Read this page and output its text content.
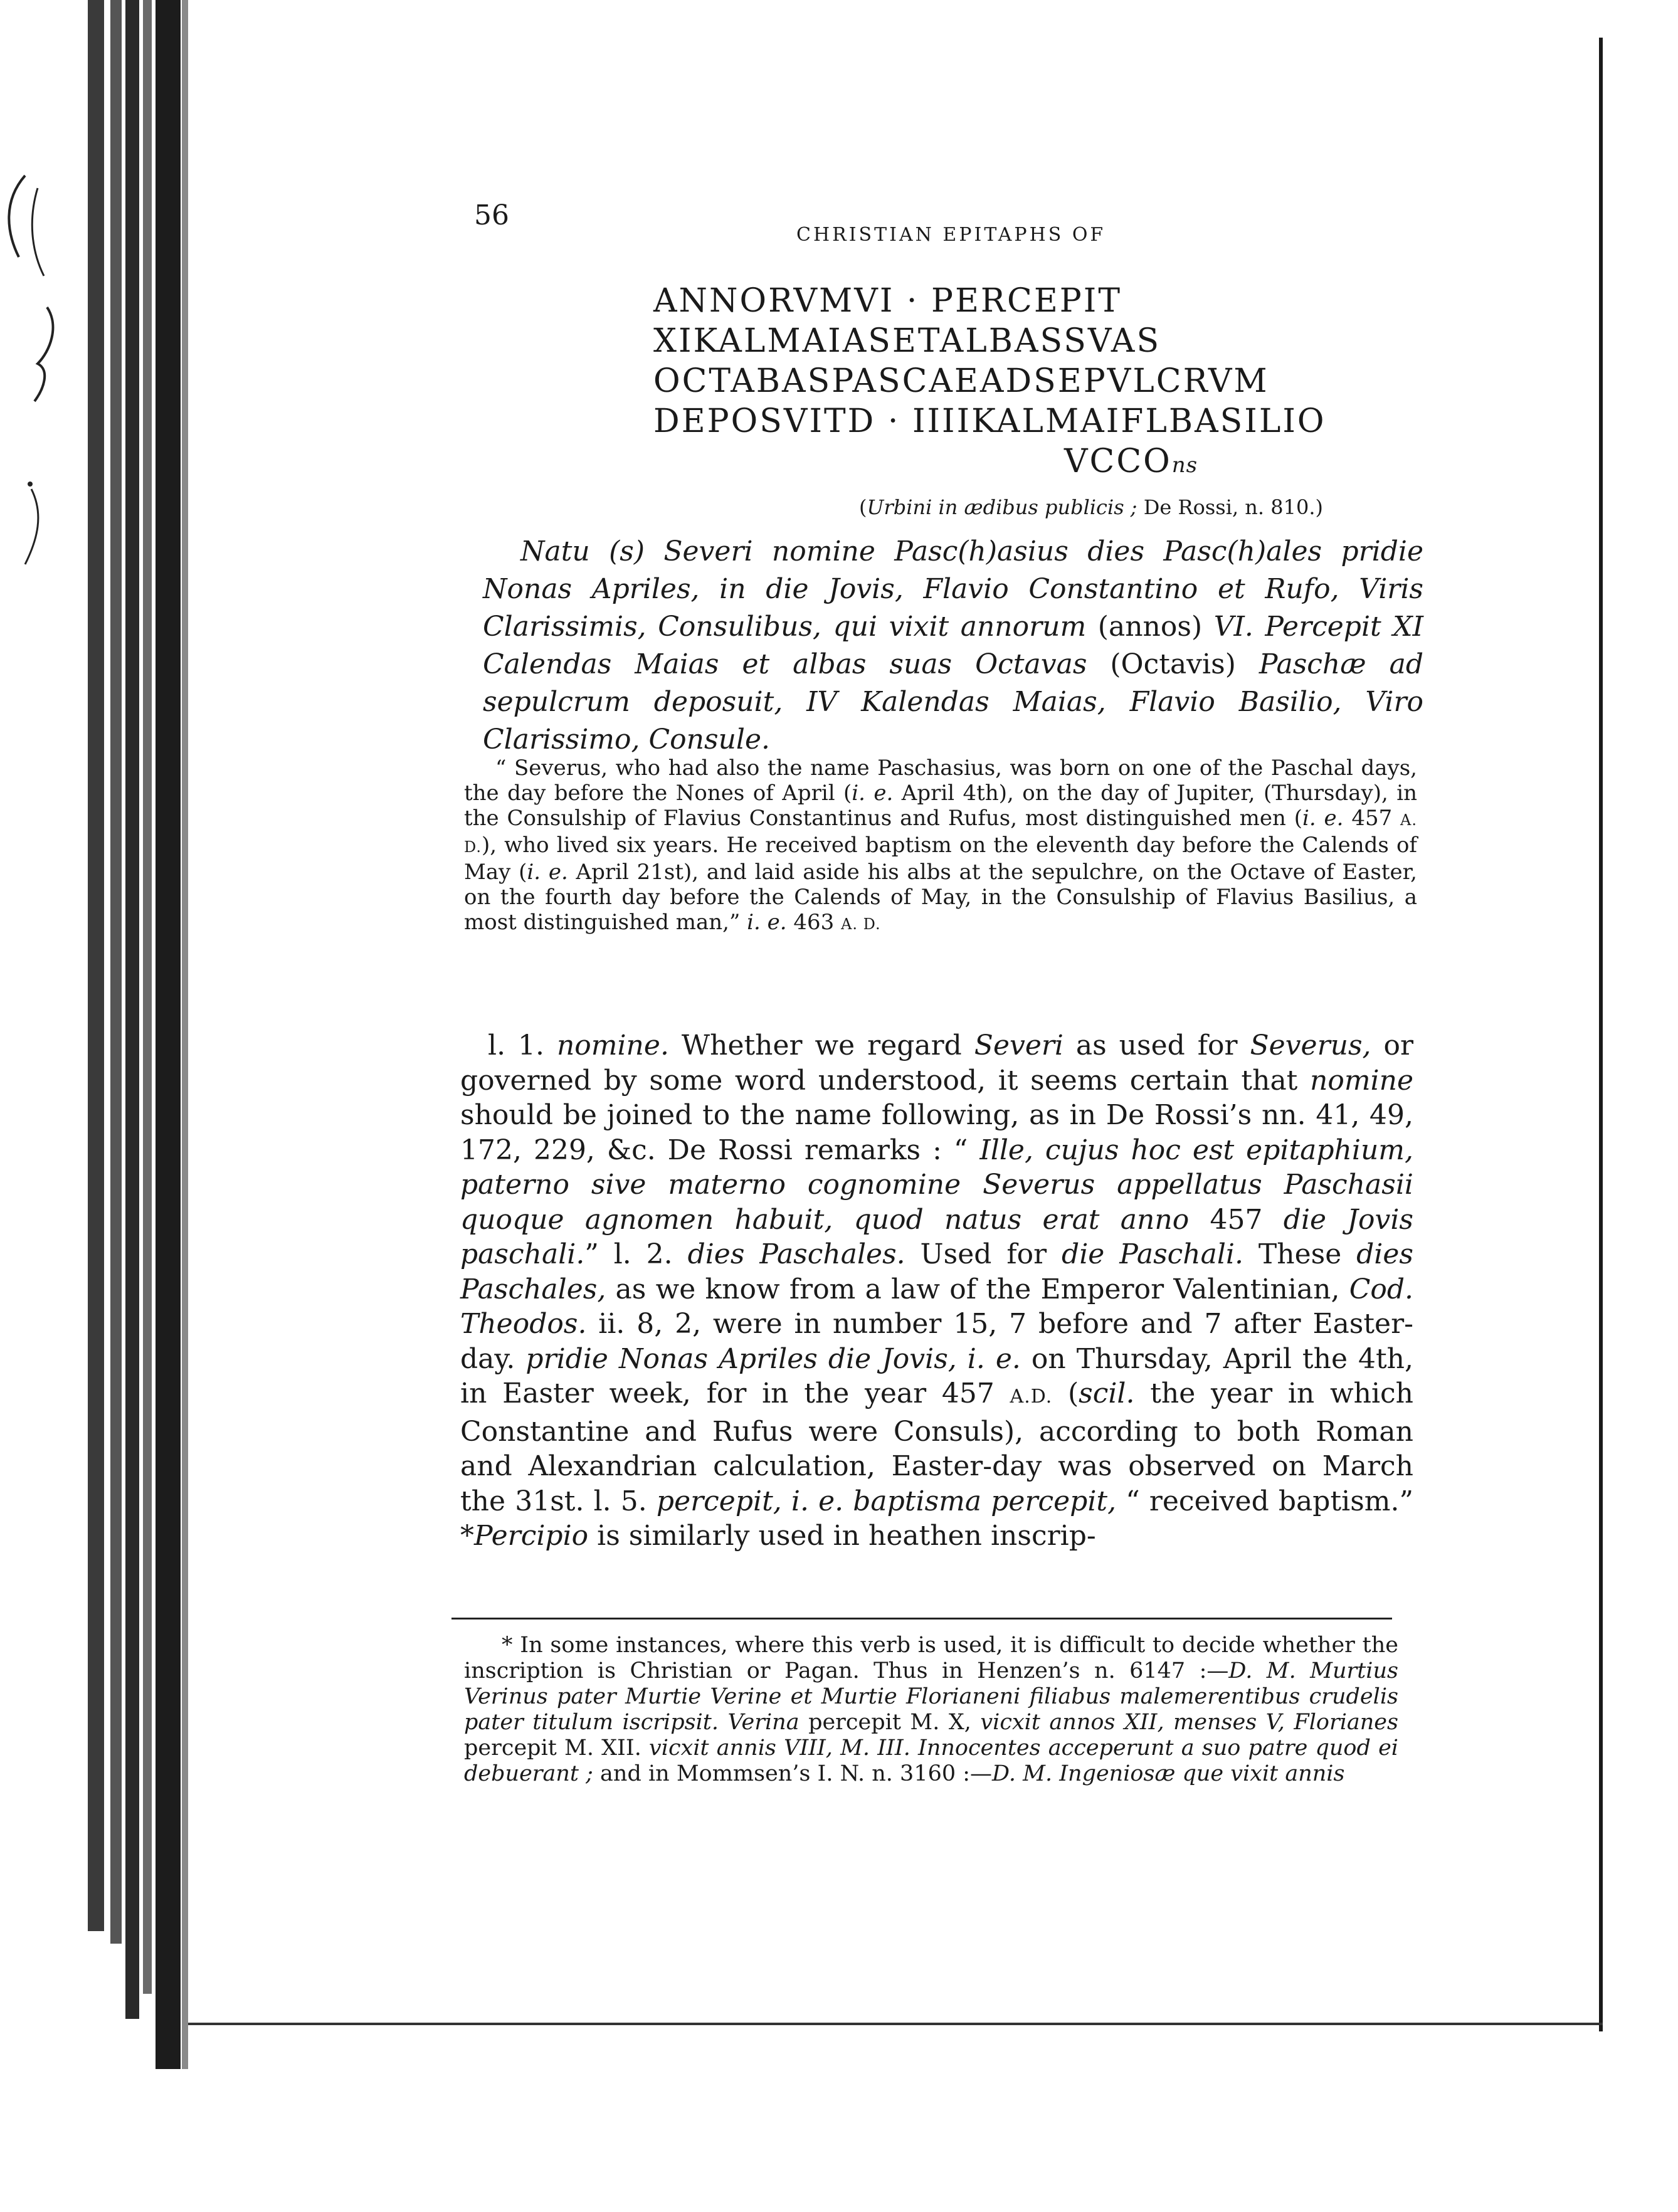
56
CHRISTIAN EPITAPHS OF
ANNORVMVI · PERCEPIT
XIKALMAIASETALBASSVAS
OCTABASPASCAEADSEPVLCRVM
DEPOSVITD · IIIIKALMAIFLBASILIO
VCCOns
(Urbini in ædibus publicis ; De Rossi, n. 810.)
Natu (s) Severi nomine Pasc(h)asius dies Pasc(h)ales pridie Nonas Apriles, in die Jovis, Flavio Constantino et Rufo, Viris Clarissimis, Consulibus, qui vixit annorum (annos) VI. Percepit XI Calendas Maias et albas suas Octavas (Octavis) Paschæ ad sepulcrum deposuit, IV Kalendas Maias, Flavio Basilio, Viro Clarissimo, Consule.
“ Severus, who had also the name Paschasius, was born on one of the Paschal days, the day before the Nones of April (i. e. April 4th), on the day of Jupiter, (Thursday), in the Consulship of Flavius Constantinus and Rufus, most distinguished men (i. e. 457 A. D.), who lived six years. He received baptism on the eleventh day before the Calends of May (i. e. April 21st), and laid aside his albs at the sepulchre, on the Octave of Easter, on the fourth day before the Calends of May, in the Consulship of Flavius Basilius, a most distinguished man,” i. e. 463 A. D.
l. 1. nomine. Whether we regard Severi as used for Severus, or governed by some word understood, it seems certain that nomine should be joined to the name following, as in De Rossi’s nn. 41, 49, 172, 229, &c. De Rossi remarks : “ Ille, cujus hoc est epitaphium, paterno sive materno cognomine Severus appellatus Paschasii quoque agnomen habuit, quod natus erat anno 457 die Jovis paschali.” l. 2. dies Paschales. Used for die Paschali. These dies Paschales, as we know from a law of the Emperor Valentinian, Cod. Theodos. ii. 8, 2, were in number 15, 7 before and 7 after Easter-day. pridie Nonas Apriles die Jovis, i. e. on Thursday, April the 4th, in Easter week, for in the year 457 A.D. (scil. the year in which Constantine and Rufus were Consuls), according to both Roman and Alexandrian calculation, Easter-day was observed on March the 31st. l. 5. percepit, i. e. baptisma percepit, “ received baptism.” *Percipio is similarly used in heathen inscrip-
* In some instances, where this verb is used, it is difficult to decide whether the inscription is Christian or Pagan. Thus in Henzen’s n. 6147 :—D. M. Murtius Verinus pater Murtie Verine et Murtie Florianeni filiabus malemerentibus crudelis pater titulum iscripsit. Verina percepit M. X, vicxit annos XII, menses V, Florianes percepit M. XII. vicxit annis VIII, M. III. Innocentes acceperunt a suo patre quod ei debuerant ; and in Mommsen’s I. N. n. 3160 :—D. M. Ingeniosæ que vixit annis
